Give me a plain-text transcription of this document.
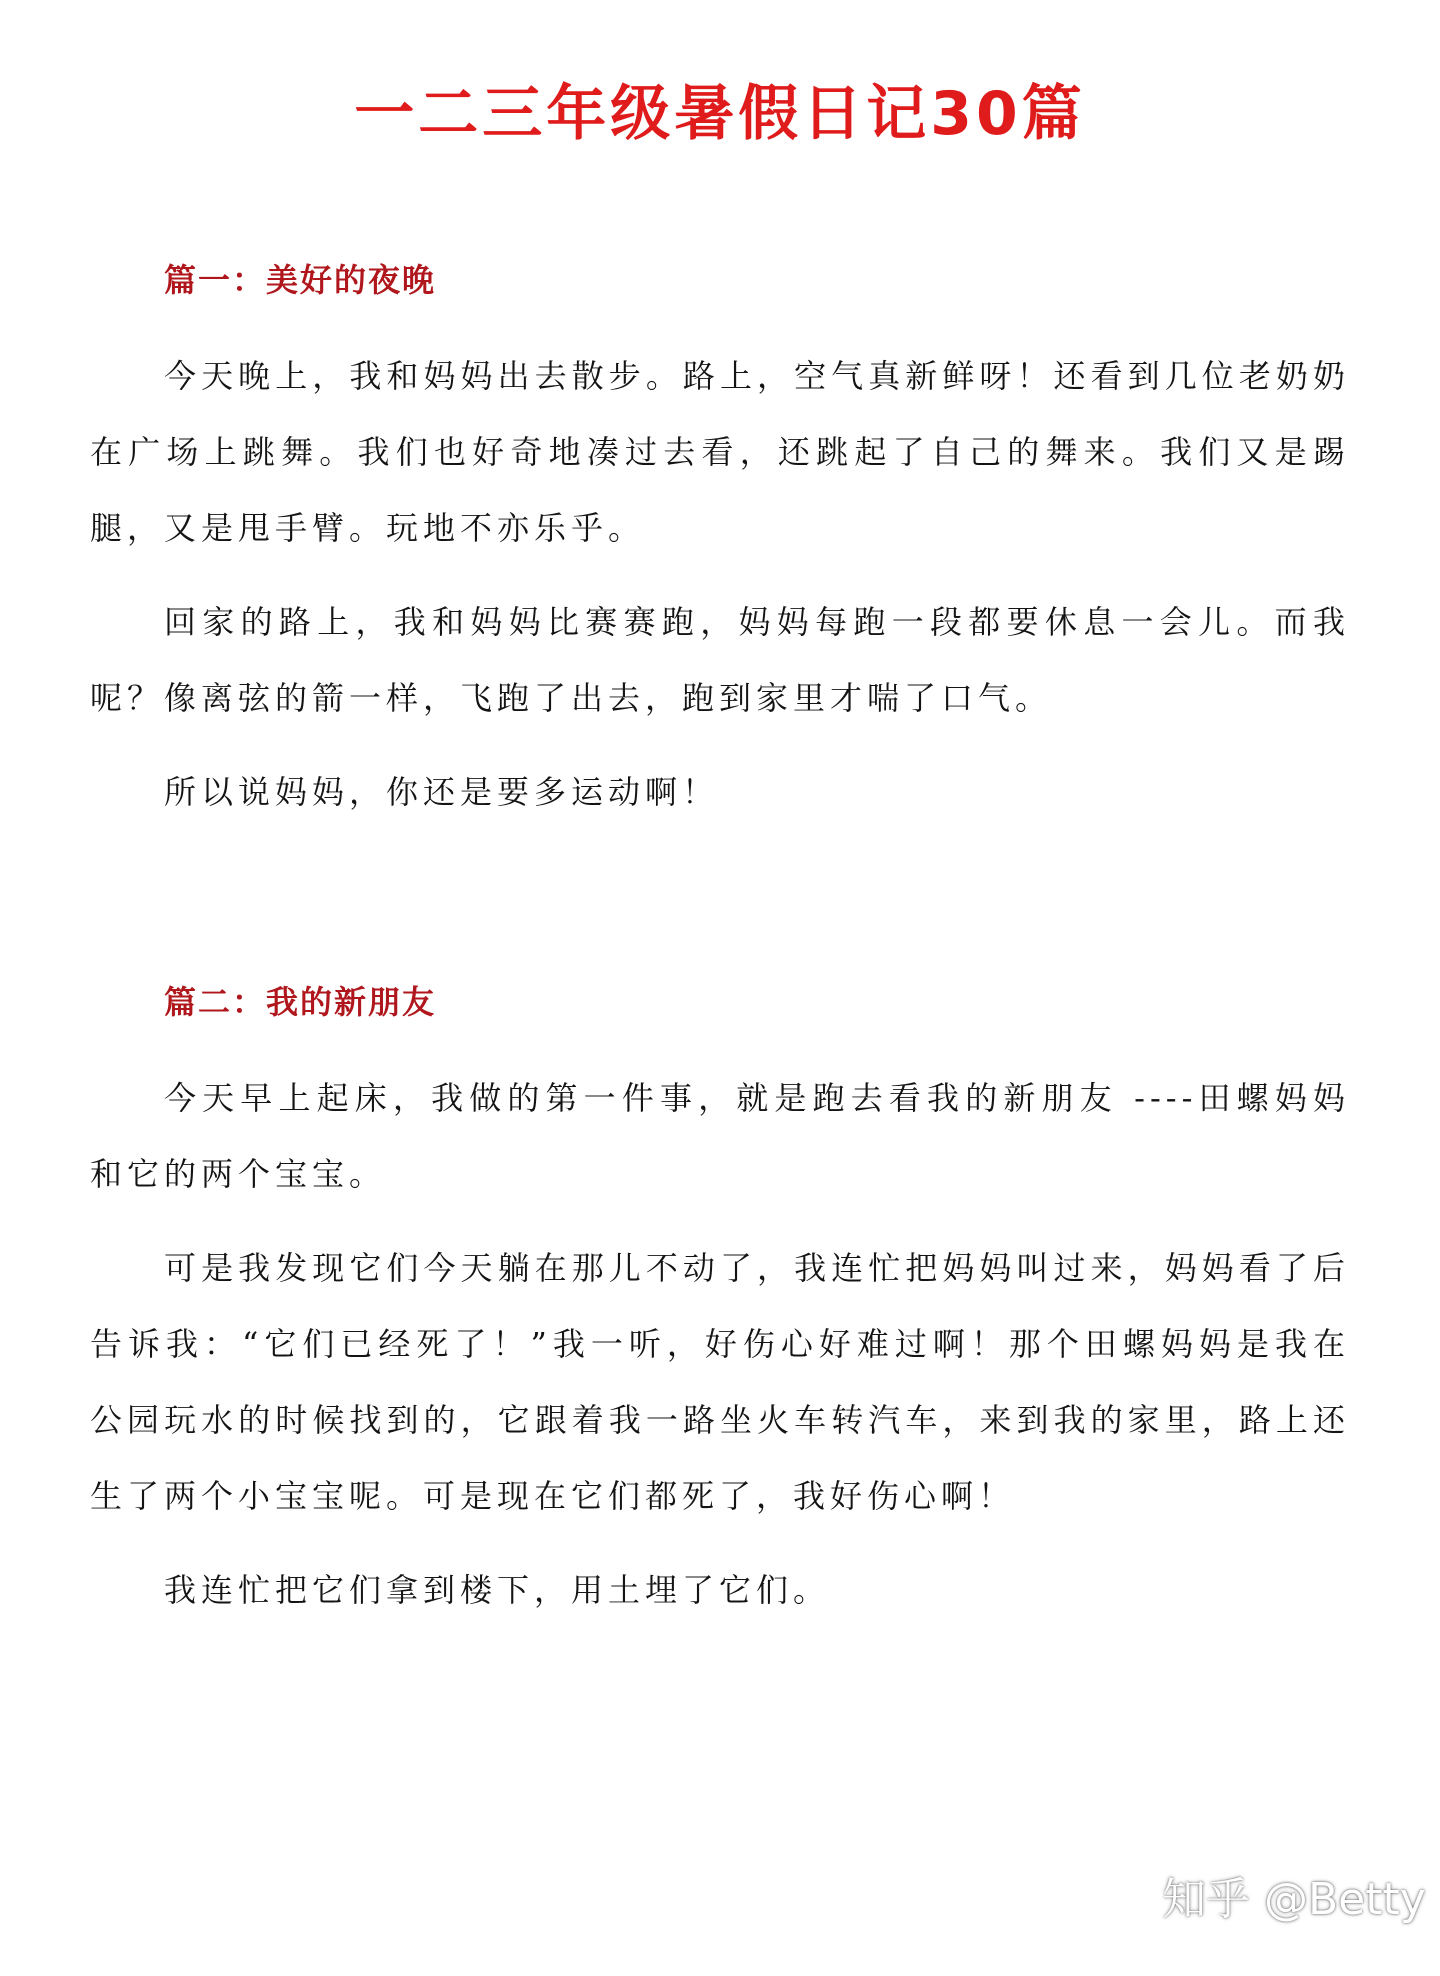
一二三年级暑假日记30篇
篇一：美好的夜晚

今天晚上，我和妈妈出去散步。路上，空气真新鲜呀！还看到几位老奶奶在广场上跳舞。我们也好奇地凑过去看，还跳起了自己的舞来。我们又是踢腿，又是甩手臂。玩地不亦乐乎。

回家的路上，我和妈妈比赛赛跑，妈妈每跑一段都要休息一会儿。而我呢？像离弦的箭一样，飞跑了出去，跑到家里才喘了口气。

所以说妈妈，你还是要多运动啊！

篇二：我的新朋友

今天早上起床，我做的第一件事，就是跑去看我的新朋友 ----田螺妈妈和它的两个宝宝。

可是我发现它们今天躺在那儿不动了，我连忙把妈妈叫过来，妈妈看了后告诉我：“它们已经死了！”我一听，好伤心好难过啊！那个田螺妈妈是我在公园玩水的时候找到的，它跟着我一路坐火车转汽车，来到我的家里，路上还生了两个小宝宝呢。可是现在它们都死了，我好伤心啊！

我连忙把它们拿到楼下，用土埋了它们。

知乎 @Betty
